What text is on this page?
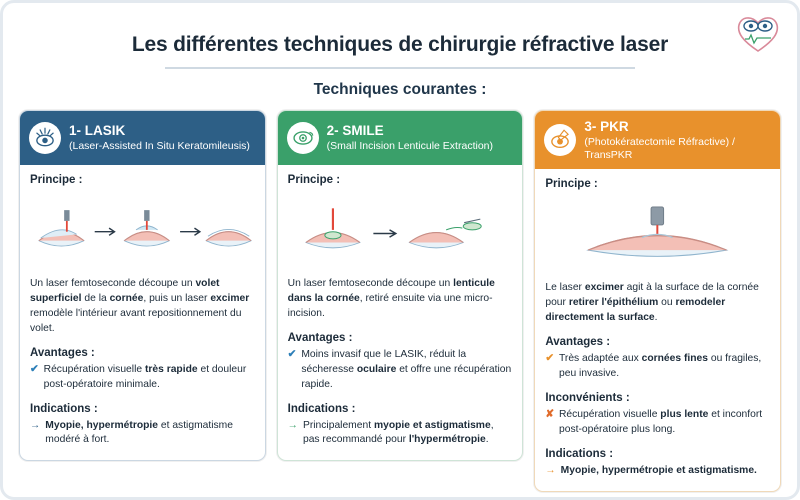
Les différentes techniques de chirurgie réfractive laser
Techniques courantes :
1- LASIK
(Laser-Assisted In Situ Keratomileusis)
Principe :

Un laser femtoseconde découpe un volet superficiel de la cornée, puis un laser excimer remodèle l'intérieur avant repositionnement du volet.

Avantages :
✔ Récupération visuelle très rapide et douleur post-opératoire minimale.
Indications :
→ Myopie, hypermétropie et astigmatisme modéré à fort.
2- SMILE
(Small Incision Lenticule Extraction)
Principe :

Un laser femtoseconde découpe un lenticule dans la cornée, retiré ensuite via une micro-incision.

Avantages :
✔ Moins invasif que le LASIK, réduit la sécheresse oculaire et offre une récupération rapide.
Indications :
→ Principalement myopie et astigmatisme, pas recommandé pour l'hypermétropie.
3- PKR
(Photokératectomie Réfractive) / TransPKR
Principe :

Le laser excimer agit à la surface de la cornée pour retirer l'épithélium ou remodeler directement la surface.

Avantages :
✔ Très adaptée aux cornées fines ou fragiles, peu invasive.
Inconvénients :
✘ Récupération visuelle plus lente et inconfort post-opératoire plus long.
Indications :
→ Myopie, hypermétropie et astigmatisme.
